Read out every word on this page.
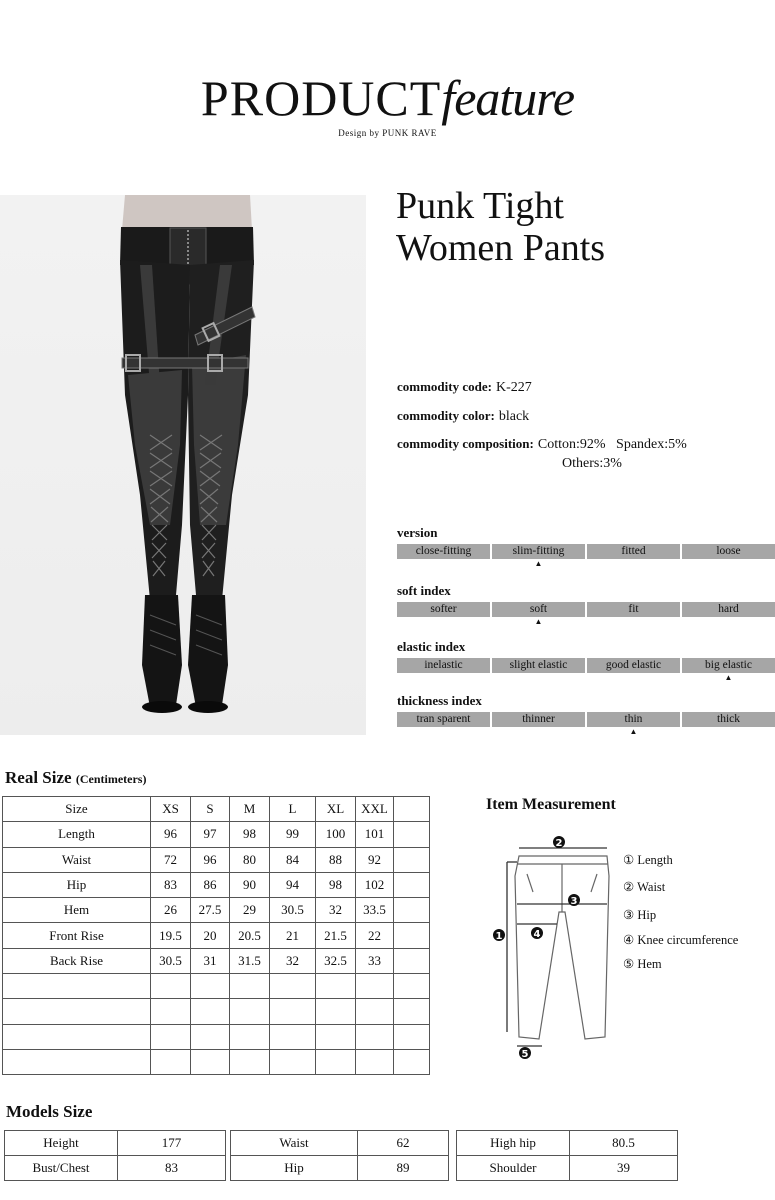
PRODUCTfeature
Design by PUNK RAVE
Punk Tight
Women Pants
commodity code: K-227
commodity color: black
commodity composition: Cotton:92%   Spandex:5%
Others:3%
version
close-fitting	slim-fitting	fitted	loose
▲
soft index
softer	soft	fit	hard
▲
elastic index
inelastic	slight elastic	good elastic	big elastic
▲
thickness index
tran sparent	thinner	thin	thick
▲
Real Size (Centimeters)
Size	XS	S	M	L	XL	XXL	
Length	96	97	98	99	100	101	
Waist	72	96	80	84	88	92	
Hip	83	86	90	94	98	102	
Hem	26	27.5	29	30.5	32	33.5	
Front Rise	19.5	20	20.5	21	21.5	22	
Back Rise	30.5	31	31.5	32	32.5	33	

Item Measurement
1
2
3
4
5
① Length
② Waist
③ Hip
④ Knee circumference
⑤ Hem
Models Size
Height	177
Bust/Chest	83
Waist	62
Hip	89
High hip	80.5
Shoulder	39
